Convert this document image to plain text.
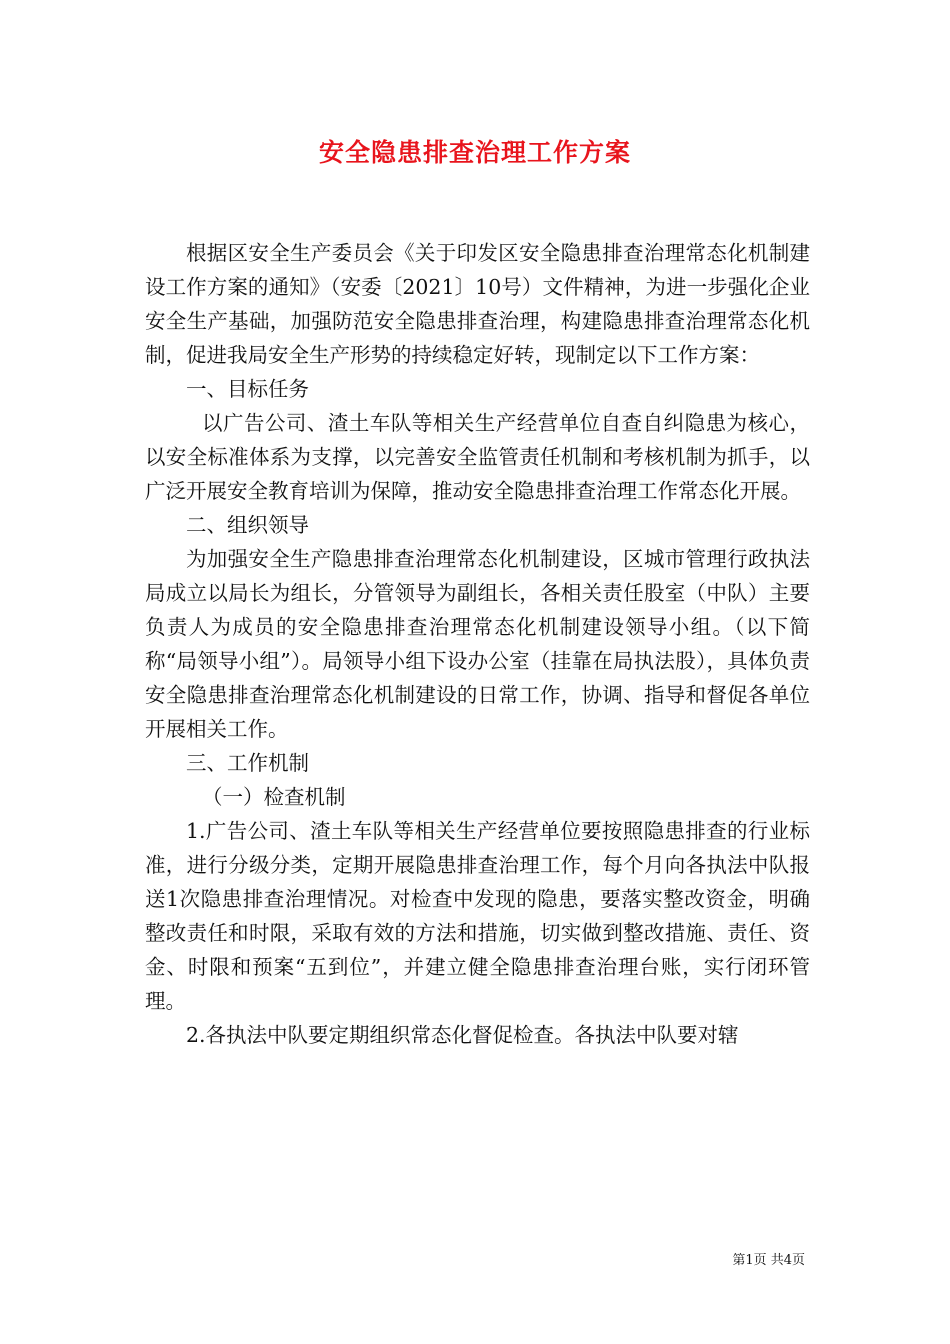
安全隐患排查治理工作方案

根据区安全生产委员会《关于印发区安全隐患排查治理常态化机制建设工作方案的通知》（安委〔2021〕10号）文件精神，为进一步强化企业安全生产基础，加强防范安全隐患排查治理，构建隐患排查治理常态化机制，促进我局安全生产形势的持续稳定好转，现制定以下工作方案：

一、目标任务

以广告公司、渣土车队等相关生产经营单位自查自纠隐患为核心，以安全标准体系为支撑，以完善安全监管责任机制和考核机制为抓手，以广泛开展安全教育培训为保障，推动安全隐患排查治理工作常态化开展。

二、组织领导

为加强安全生产隐患排查治理常态化机制建设，区城市管理行政执法局成立以局长为组长，分管领导为副组长，各相关责任股室（中队）主要负责人为成员的安全隐患排查治理常态化机制建设领导小组。（以下简称“局领导小组”）。局领导小组下设办公室（挂靠在局执法股），具体负责安全隐患排查治理常态化机制建设的日常工作，协调、指导和督促各单位开展相关工作。

三、工作机制

（一）检查机制

1.广告公司、渣土车队等相关生产经营单位要按照隐患排查的行业标准，进行分级分类，定期开展隐患排查治理工作，每个月向各执法中队报送1次隐患排查治理情况。对检查中发现的隐患，要落实整改资金，明确整改责任和时限，采取有效的方法和措施，切实做到整改措施、责任、资金、时限和预案“五到位”，并建立健全隐患排查治理台账，实行闭环管理。

2.各执法中队要定期组织常态化督促检查。各执法中队要对辖

第1页 共4页
